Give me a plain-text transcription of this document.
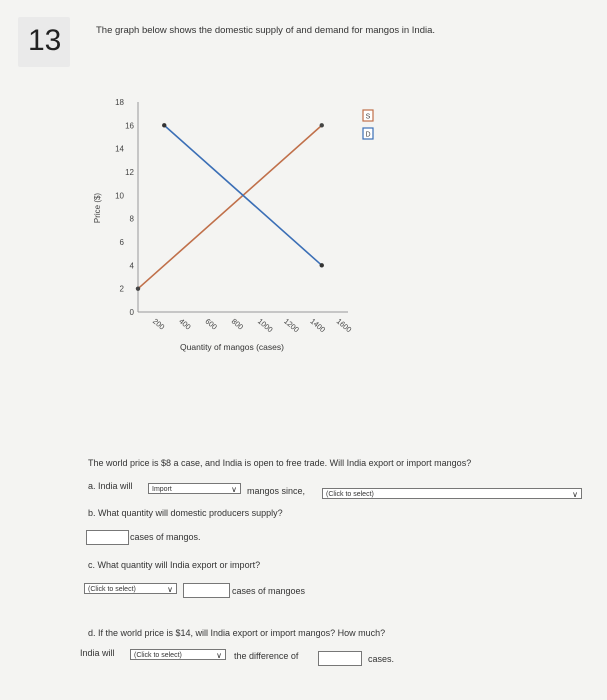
13	The graph below shows the domestic supply of and demand for mangos in India.
0
2
4
6
8
10
12
14
16
18
200 400 600 800 1000 1200 1400 1600
S
D
Price ($)
Quantity of mangos (cases)
The world price is $8 a case, and India is open to free trade. Will India export or import mangos?
a. India will	Import	∨ mangos since,	(Click to select)	∨
b. What quantity will domestic producers supply?
cases of mangos.
c. What quantity will India export or import?
(Click to select)	∨	cases of mangoes
d. If the world price is $14, will India export or import mangos? How much?
India will	(Click to select)	∨ the difference of	cases.
